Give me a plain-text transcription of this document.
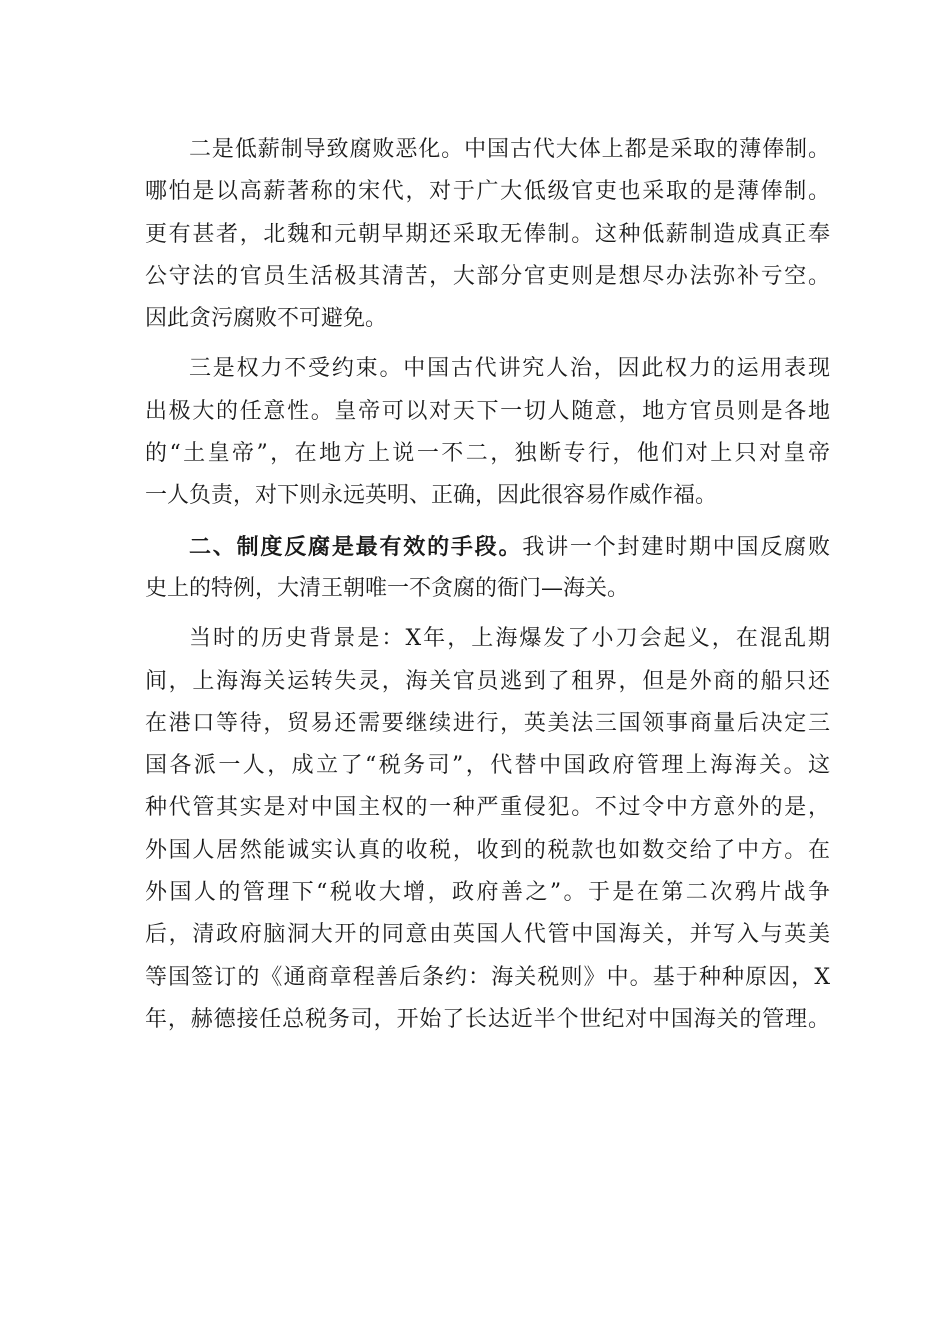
二是低薪制导致腐败恶化。中国古代大体上都是采取的薄俸制。
哪怕是以高薪著称的宋代，对于广大低级官吏也采取的是薄俸制。
更有甚者，北魏和元朝早期还采取无俸制。这种低薪制造成真正奉
公守法的官员生活极其清苦，大部分官吏则是想尽办法弥补亏空。
因此贪污腐败不可避免。
三是权力不受约束。中国古代讲究人治，因此权力的运用表现
出极大的任意性。皇帝可以对天下一切人随意，地方官员则是各地
的“土皇帝”，在地方上说一不二，独断专行，他们对上只对皇帝
一人负责，对下则永远英明、正确，因此很容易作威作福。
二、制度反腐是最有效的手段。我讲一个封建时期中国反腐败
史上的特例，大清王朝唯一不贪腐的衙门—海关。
当时的历史背景是：X年，上海爆发了小刀会起义，在混乱期
间，上海海关运转失灵，海关官员逃到了租界，但是外商的船只还
在港口等待，贸易还需要继续进行，英美法三国领事商量后决定三
国各派一人，成立了“税务司”，代替中国政府管理上海海关。这
种代管其实是对中国主权的一种严重侵犯。不过令中方意外的是，
外国人居然能诚实认真的收税，收到的税款也如数交给了中方。在
外国人的管理下“税收大增，政府善之”。于是在第二次鸦片战争
后，清政府脑洞大开的同意由英国人代管中国海关，并写入与英美
等国签订的《通商章程善后条约：海关税则》中。基于种种原因，X
年，赫德接任总税务司，开始了长达近半个世纪对中国海关的管理。
